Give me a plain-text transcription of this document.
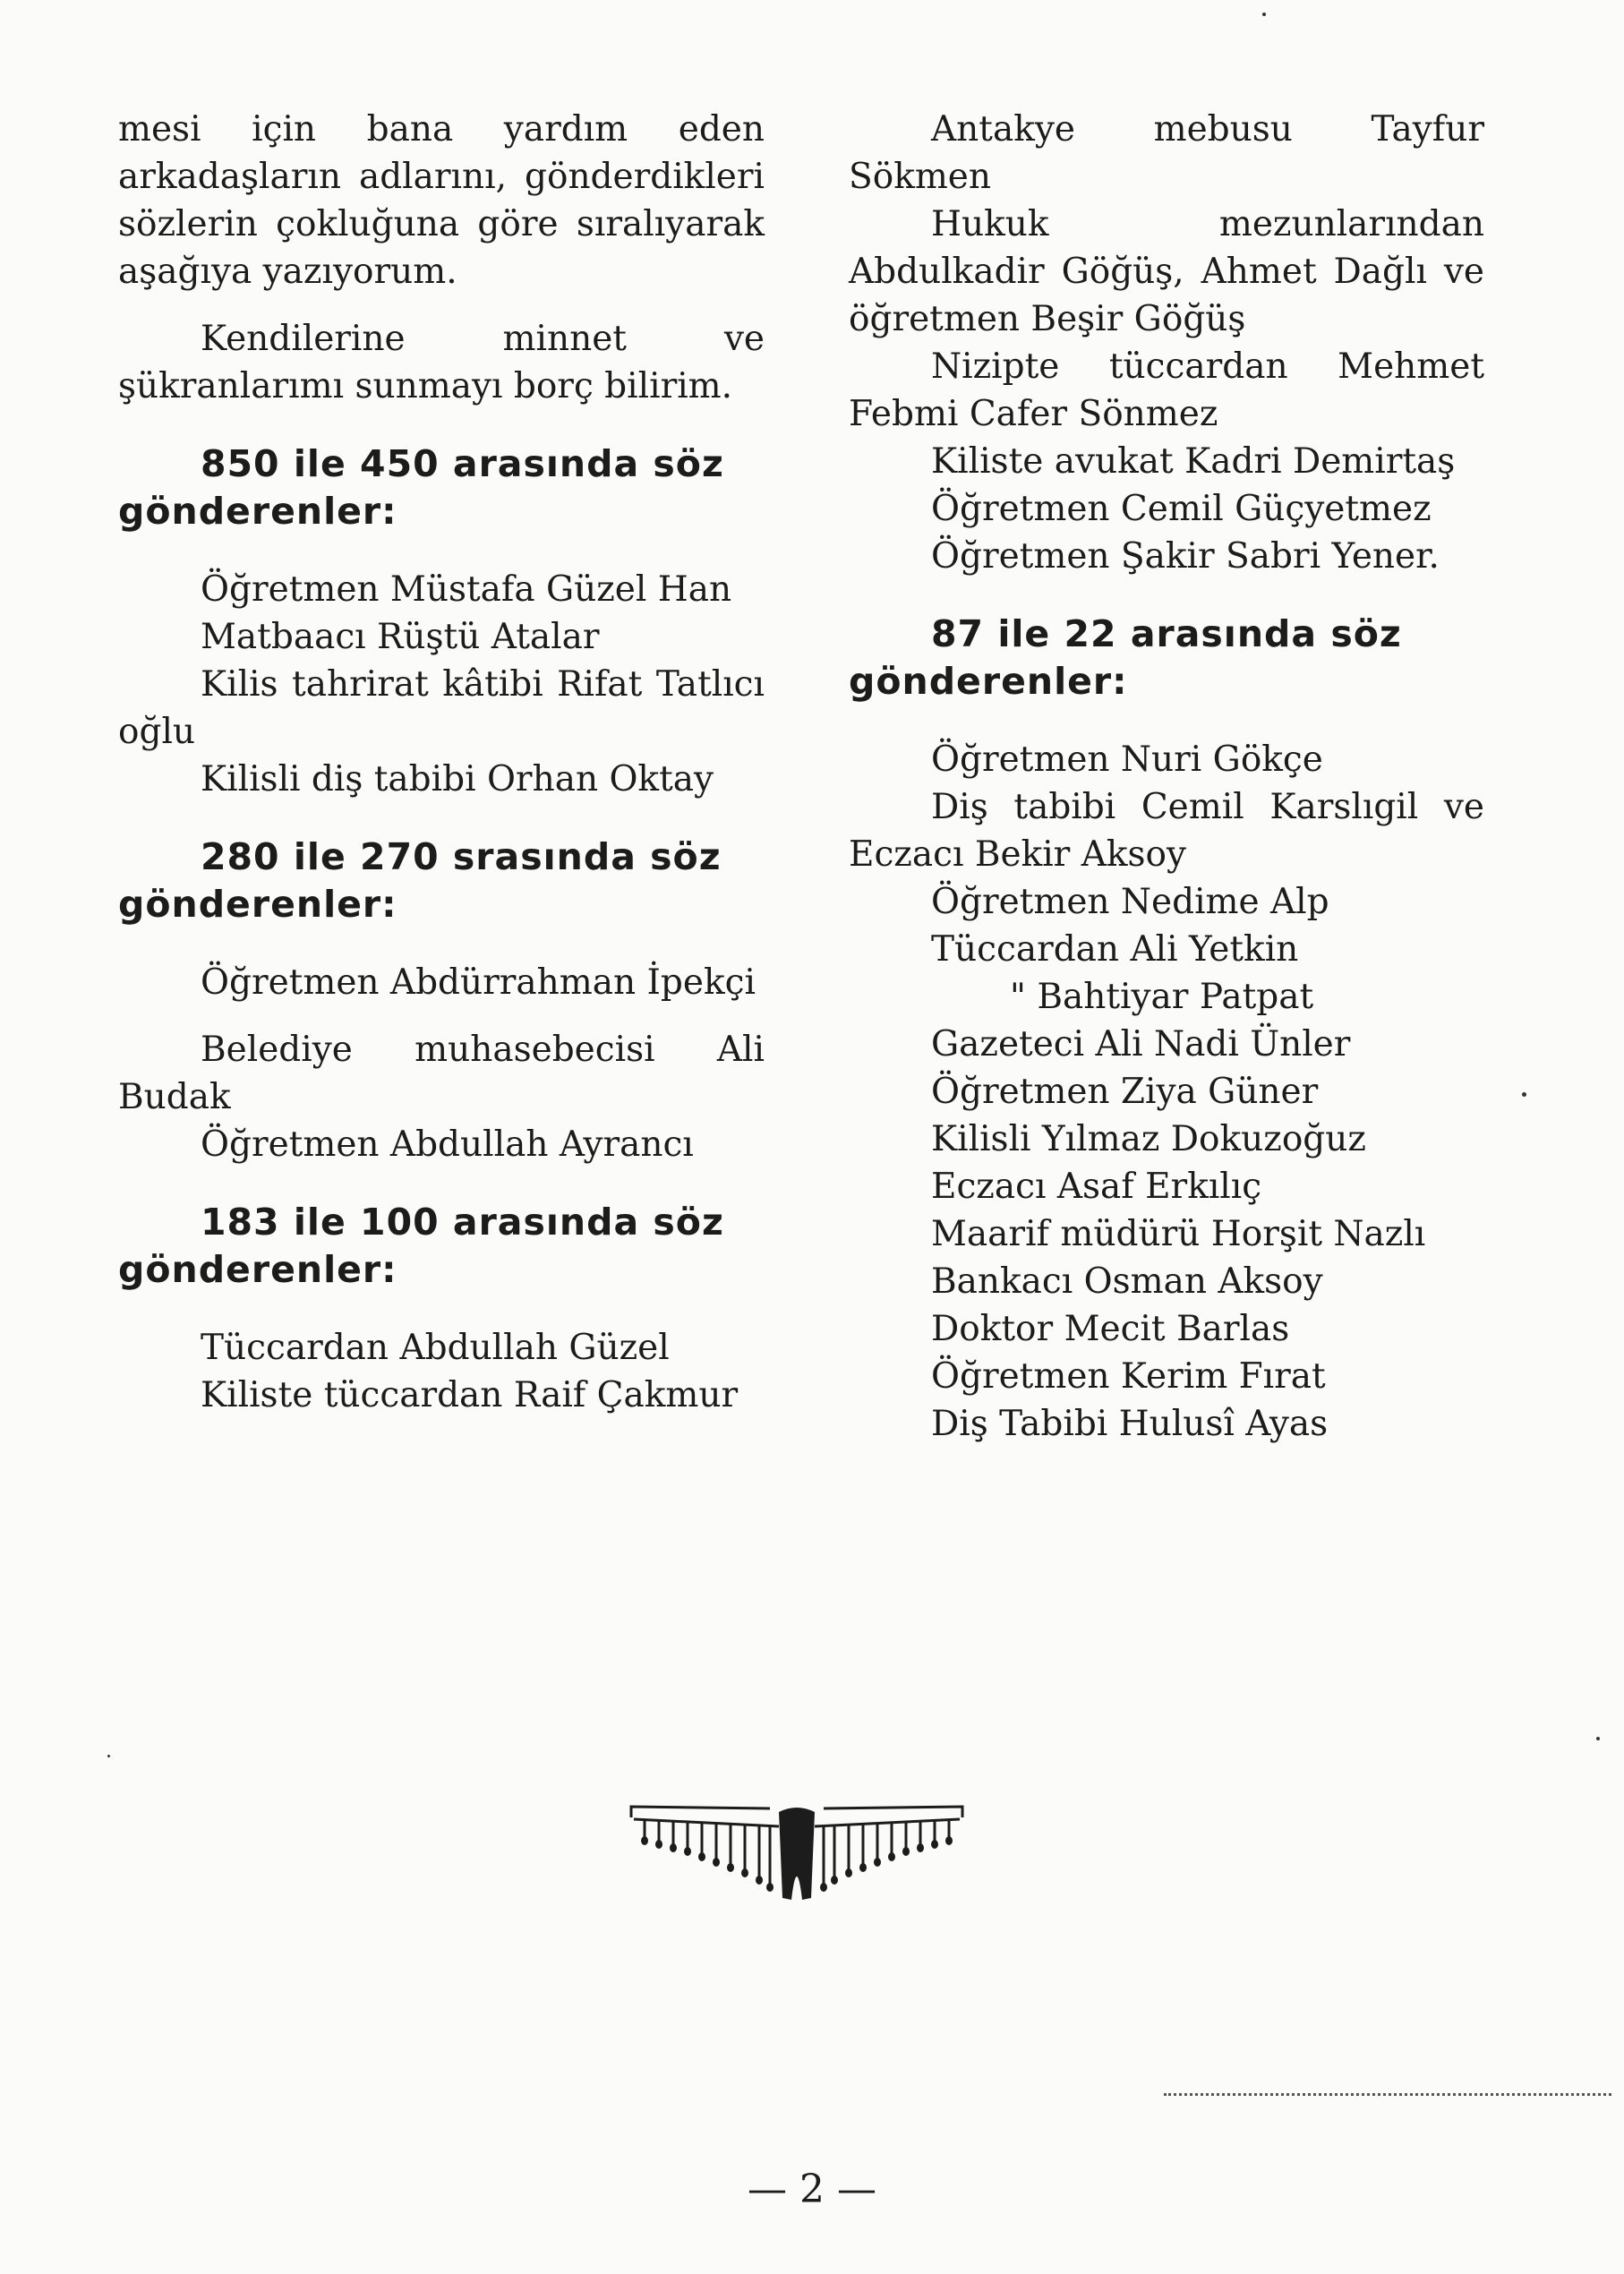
mesi için bana yardım eden arkadaşların adlarını, gönderdikleri sözlerin çokluğuna göre sıralıyarak aşağıya yazıyorum.

Kendilerine minnet ve şükranlarımı sunmayı borç bilirim.

850 ile 450 arasında söz
gönderenler:

Öğretmen Müstafa Güzel Han

Matbaacı Rüştü Atalar

Kilis tahrirat kâtibi Rifat Tatlıcı oğlu

Kilisli diş tabibi Orhan Oktay

280 ile 270 srasında söz
gönderenler:

Öğretmen Abdürrahman İpekçi

Belediye muhasebecisi Ali Budak

Öğretmen Abdullah Ayrancı

183 ile 100 arasında söz
gönderenler:

Tüccardan Abdullah Güzel

Kiliste tüccardan Raif Çakmur

Antakye mebusu Tayfur Sökmen

Hukuk mezunlarından Abdulkadir Göğüş, Ahmet Dağlı ve öğretmen Beşir Göğüş

Nizipte tüccardan Mehmet Febmi Cafer Sönmez

Kiliste avukat Kadri Demirtaş

Öğretmen Cemil Güçyetmez

Öğretmen Şakir Sabri Yener.

87 ile 22 arasında söz
gönderenler:

Öğretmen Nuri Gökçe

Diş tabibi Cemil Karslıgil ve Eczacı Bekir Aksoy

Öğretmen Nedime Alp

Tüccardan Ali Yetkin

" Bahtiyar Patpat

Gazeteci Ali Nadi Ünler

Öğretmen Ziya Güner

Kilisli Yılmaz Dokuzoğuz

Eczacı Asaf Erkılıç

Maarif müdürü Horşit Nazlı

Bankacı Osman Aksoy

Doktor Mecit Barlas

Öğretmen Kerim Fırat

Diş Tabibi Hulusî Ayas

— 2 —
